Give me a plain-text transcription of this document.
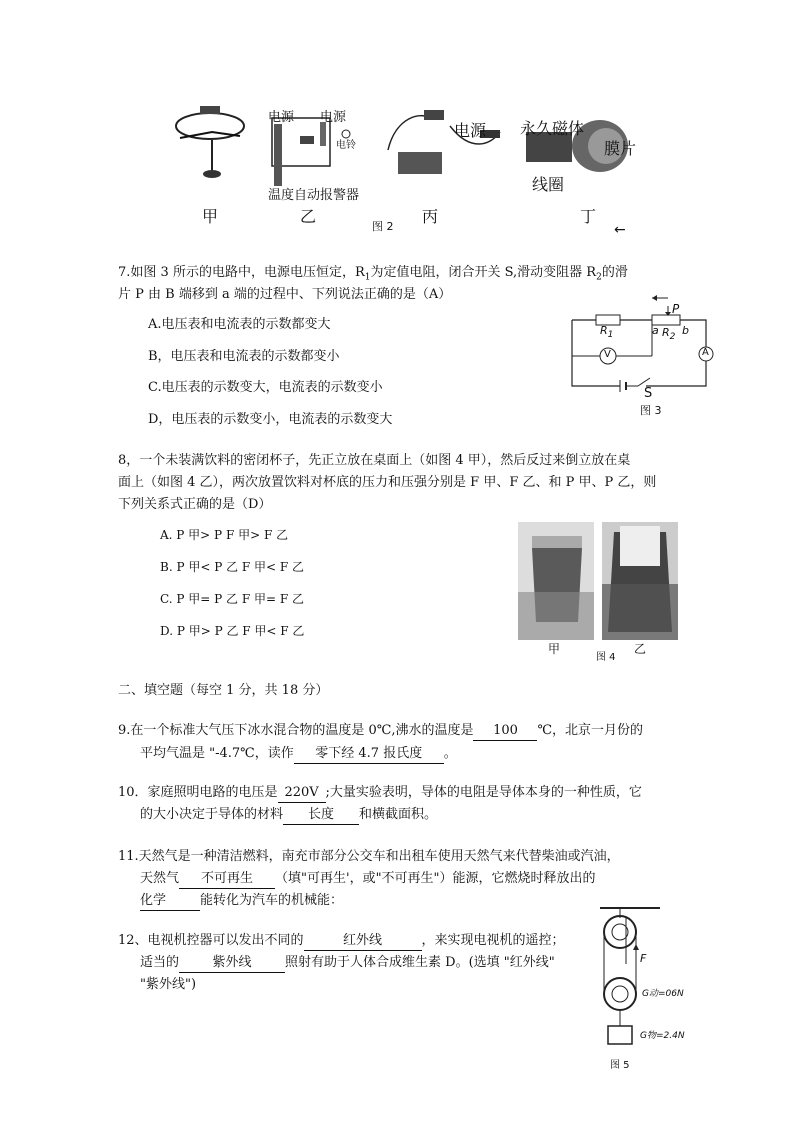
电源 电源
电铃
温度自动报警器
电源 永久磁体
膜片
线圈
甲	乙	丙	丁
图 2	←
7.如图 3 所示的电路中，电源电压恒定，$R_1$为定值电阻，闭合开关 S,滑动变阻器 $R_2$的滑
片 P 由 B 端移到 a 端的过程中、下列说法正确的是（A）
A.电压表和电流表的示数都变大
B，电压表和电流表的示数都变小
C.电压表的示数变大，电流表的示数变小
D，电压表的示数变小，电流表的示数变大
$R_1$	$R_2$
a b
P
V	A
S
图 3
8，一个未装满饮料的密闭杯子，先正立放在桌面上（如图 4 甲），然后反过来倒立放在桌
面上（如图 4 乙），两次放置饮料对杯底的压力和压强分别是 F 甲、F 乙、和 P 甲、P 乙，则
下列关系式正确的是（D）
A. P 甲> P F 甲> F 乙
B. P 甲< P 乙 F 甲< F 乙
C. P 甲= P 乙 F 甲= F 乙
D. P 甲> P 乙 F 甲< F 乙
甲	乙
图 4
二、填空题（每空 1 分，共 18 分）
9.在一个标准大气压下冰水混合物的温度是 0℃,沸水的温度是 100 ℃，北京一月份的
平均气温是 "-4.7℃，读作 零下经 4.7 报氏度 。
10．家庭照明电路的电压是 220V ;大量实验表明，导体的电阻是导体本身的一种性质，它
的大小决定于导体的材料 长度 和横截面积。
11.天然气是一种清洁燃料，南充市部分公交车和出租车使用天然气来代替柴油或汽油，
天然气 不可再生 （填"可再生'，或"不可再生"）能源，它燃烧时释放出的
化学	能转化为汽车的机械能：
12、电视机控器可以发出不同的	红外线	，来实现电视机的遥控；
适当的	紫外线	照射有助于人体合成维生素 D。(选填 "红外线"
"紫外线")
F
G动=06N
G物=2.4N
图 5
